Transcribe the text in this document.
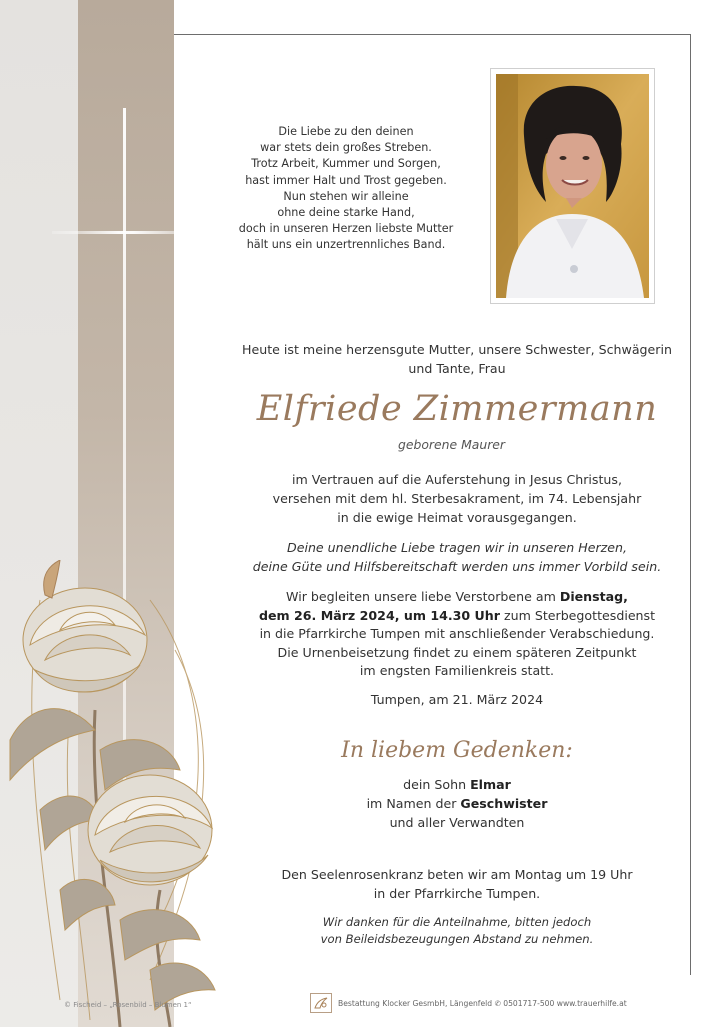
Die Liebe zu den deinen
war stets dein großes Streben.
Trotz Arbeit, Kummer und Sorgen,
hast immer Halt und Trost gegeben.
Nun stehen wir alleine
ohne deine starke Hand,
doch in unseren Herzen liebste Mutter
hält uns ein unzertrennliches Band.
Heute ist meine herzensgute Mutter, unsere Schwester, Schwägerin
und Tante, Frau
Elfriede Zimmermann
geborene Maurer
im Vertrauen auf die Auferstehung in Jesus Christus,
versehen mit dem hl. Sterbesakrament, im 74. Lebensjahr
in die ewige Heimat vorausgegangen.
Deine unendliche Liebe tragen wir in unseren Herzen,
deine Güte und Hilfsbereitschaft werden uns immer Vorbild sein.
Wir begleiten unsere liebe Verstorbene am Dienstag,
dem 26. März 2024, um 14.30 Uhr zum Sterbegottesdienst
in die Pfarrkirche Tumpen mit anschließender Verabschiedung.
Die Urnenbeisetzung findet zu einem späteren Zeitpunkt
im engsten Familienkreis statt.
Tumpen, am 21. März 2024
In liebem Gedenken:
dein Sohn Elmar
im Namen der Geschwister
und aller Verwandten
Den Seelenrosenkranz beten wir am Montag um 19 Uhr
in der Pfarrkirche Tumpen.
Wir danken für die Anteilnahme, bitten jedoch
von Beileidsbezeugungen Abstand zu nehmen.
© Fischeid – „Rosenbild – Blumen 1“	Bestattung Klocker GesmbH, Längenfeld ✆ 0501717-500 www.trauerhilfe.at
